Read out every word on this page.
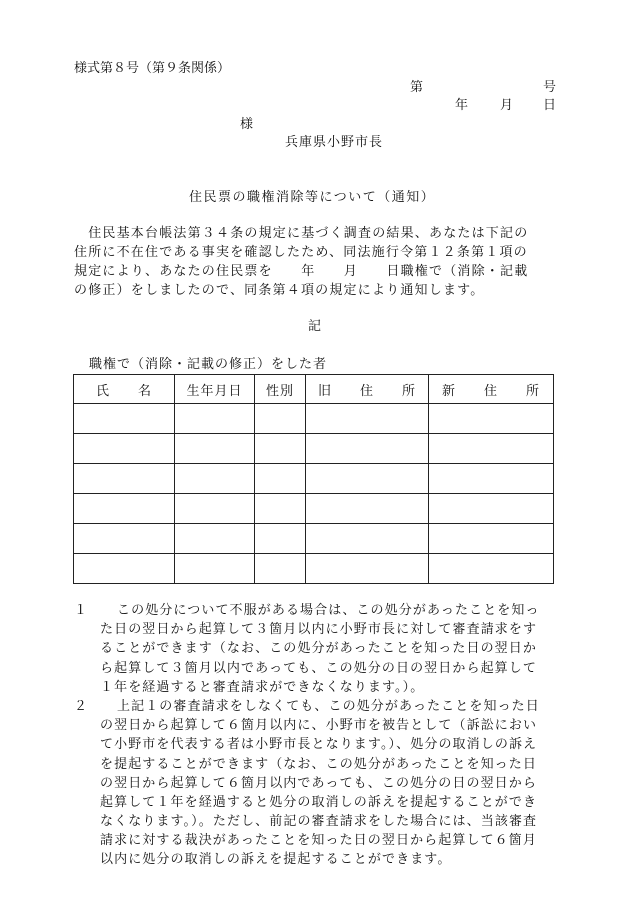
様式第８号（第９条関係）
第	号
年 月 日
様
兵庫県小野市長
住民票の職権消除等について（通知）
　住民基本台帳法第３４条の規定に基づく調査の結果、あなたは下記の
住所に不在住である事実を確認したため、同法施行令第１２条第１項の
規定により、あなたの住民票を　　年　　月　　日職権で（消除・記載
の修正）をしましたので、同条第４項の規定により通知します。
記
職権で（消除・記載の修正）をした者
氏　　名	生年月日	性別	旧　　住　　所	新　　住　　所

１	この処分について不服がある場合は、この処分があったことを知っ
た日の翌日から起算して３箇月以内に小野市長に対して審査請求をす
ることができます（なお、この処分があったことを知った日の翌日か
ら起算して３箇月以内であっても、この処分の日の翌日から起算して
１年を経過すると審査請求ができなくなります。）。
２	上記１の審査請求をしなくても、この処分があったことを知った日
の翌日から起算して６箇月以内に、小野市を被告として（訴訟におい
て小野市を代表する者は小野市長となります。）、処分の取消しの訴え
を提起することができます（なお、この処分があったことを知った日
の翌日から起算して６箇月以内であっても、この処分の日の翌日から
起算して１年を経過すると処分の取消しの訴えを提起することができ
なくなります。）。ただし、前記の審査請求をした場合には、当該審査
請求に対する裁決があったことを知った日の翌日から起算して６箇月
以内に処分の取消しの訴えを提起することができます。
